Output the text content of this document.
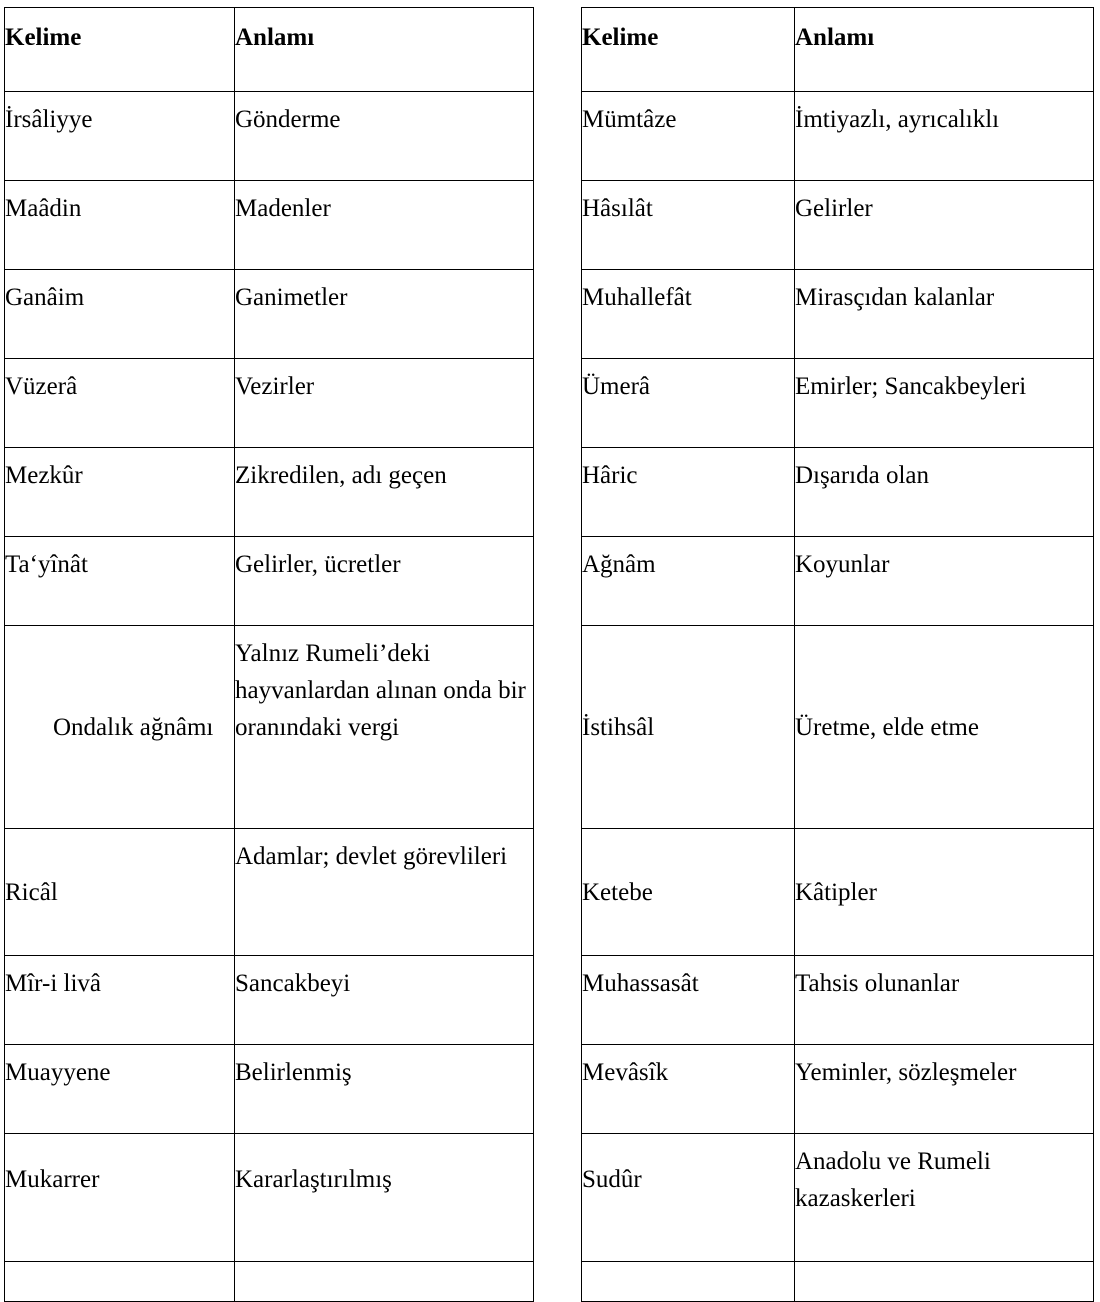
Kelime	Anlamı
İrsâliyye	Gönderme
Maâdin	Madenler
Ganâim	Ganimetler
Vüzerâ	Vezirler
Mezkûr	Zikredilen, adı geçen
Ta‘yînât	Gelirler, ücretler
Ondalık ağnâmı	Yalnız Rumeli’deki hayvanlardan alınan onda bir oranındaki vergi
Ricâl	Adamlar; devlet görevlileri
Mîr-i livâ	Sancakbeyi
Muayyene	Belirlenmiş
Mukarrer	Kararlaştırılmış

Kelime	Anlamı
Mümtâze	İmtiyazlı, ayrıcalıklı
Hâsılât	Gelirler
Muhallefât	Mirasçıdan kalanlar
Ümerâ	Emirler; Sancakbeyleri
Hâric	Dışarıda olan
Ağnâm	Koyunlar
İstihsâl	Üretme, elde etme
Ketebe	Kâtipler
Muhassasât	Tahsis olunanlar
Mevâsîk	Yeminler, sözleşmeler
Sudûr	Anadolu ve Rumeli kazaskerleri
